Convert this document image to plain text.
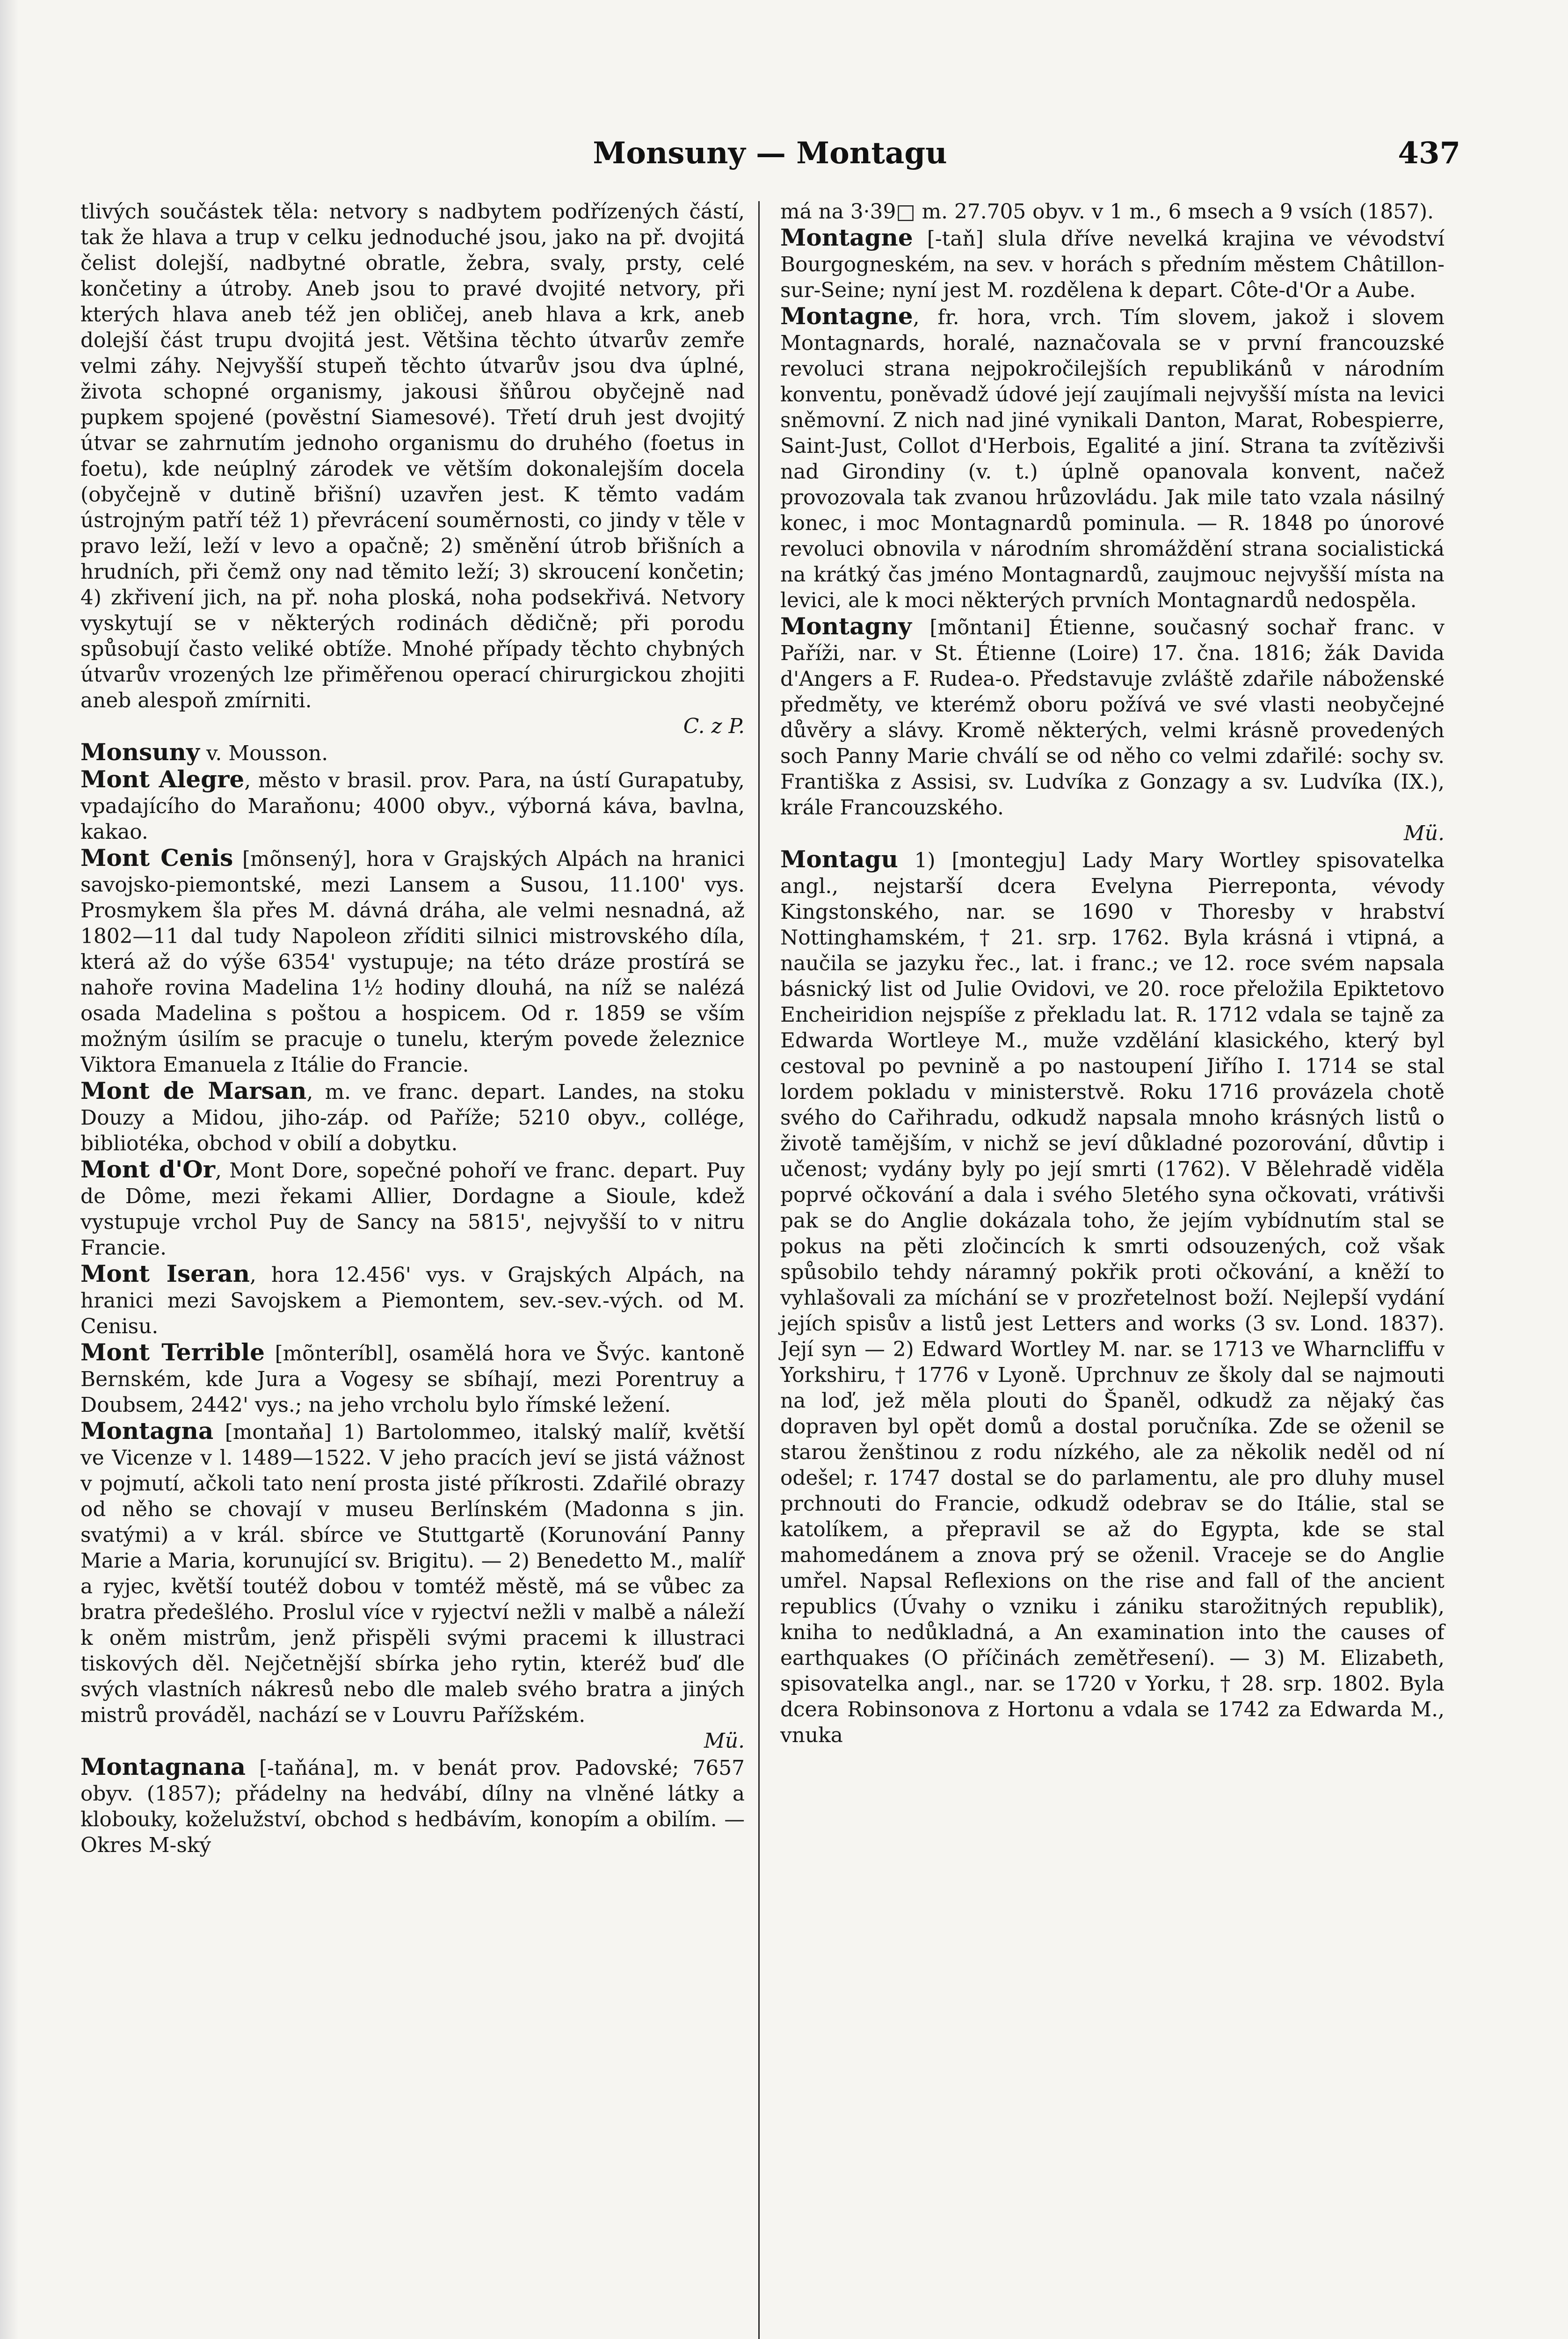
Monsuny — Montagu	437
tlivých součástek těla: netvory s nadbytem podřízených částí, tak že hlava a trup v celku jednoduché jsou, jako na př. dvojitá čelist dolejší, nadbytné obratle, žebra, svaly, prsty, celé končetiny a útroby. Aneb jsou to pravé dvojité netvory, při kterých hlava aneb též jen obličej, aneb hlava a krk, aneb dolejší část trupu dvojitá jest. Většina těchto útvarův zemře velmi záhy. Nejvyšší stupeň těchto útvarův jsou dva úplné, života schopné organismy, jakousi šňůrou obyčejně nad pupkem spojené (pověstní Siamesové). Třetí druh jest dvojitý útvar se zahrnutím jednoho organismu do druhého (foetus in foetu), kde neúplný zárodek ve větším dokonalejším docela (obyčejně v dutině břišní) uzavřen jest. K těmto vadám ústrojným patří též 1) převrácení souměrnosti, co jindy v těle v pravo leží, leží v levo a opačně; 2) směnění útrob břišních a hrudních, při čemž ony nad těmito leží; 3) skroucení končetin; 4) zkřivení jich, na př. noha ploská, noha podsekřivá. Netvory vyskytují se v některých rodinách dědičně; při porodu spůsobují často veliké obtíže. Mnohé případy těchto chybných útvarův vrozených lze přiměřenou operací chirurgickou zhojiti aneb alespoň zmírniti.
C. z P.
Monsuny v. Mousson.
Mont Alegre, město v brasil. prov. Para, na ústí Gurapatuby, vpadajícího do Maraňonu; 4000 obyv., výborná káva, bavlna, kakao.
Mont Cenis [mõnsený], hora v Grajských Alpách na hranici savojsko-piemontské, mezi Lansem a Susou, 11.100' vys. Prosmykem šla přes M. dávná dráha, ale velmi nesnadná, až 1802—11 dal tudy Napoleon zříditi silnici mistrovského díla, která až do výše 6354' vystupuje; na této dráze prostírá se nahoře rovina Madelina 1½ hodiny dlouhá, na níž se nalézá osada Madelina s poštou a hospicem. Od r. 1859 se vším možným úsilím se pracuje o tunelu, kterým povede železnice Viktora Emanuela z Itálie do Francie.
Mont de Marsan, m. ve franc. depart. Landes, na stoku Douzy a Midou, jiho-záp. od Paříže; 5210 obyv., collége, bibliotéka, obchod v obilí a dobytku.
Mont d'Or, Mont Dore, sopečné pohoří ve franc. depart. Puy de Dôme, mezi řekami Allier, Dordagne a Sioule, kdež vystupuje vrchol Puy de Sancy na 5815', nejvyšší to v nitru Francie.
Mont Iseran, hora 12.456' vys. v Grajských Alpách, na hranici mezi Savojskem a Piemontem, sev.-sev.-vých. od M. Cenisu.
Mont Terrible [mõnteríbl], osamělá hora ve Švýc. kantoně Bernském, kde Jura a Vogesy se sbíhají, mezi Porentruy a Doubsem, 2442' vys.; na jeho vrcholu bylo římské ležení.
Montagna [montaňa] 1) Bartolommeo, italský malíř, květší ve Vicenze v l. 1489—1522. V jeho pracích jeví se jistá vážnost v pojmutí, ačkoli tato není prosta jisté příkrosti. Zdařilé obrazy od něho se chovají v museu Berlínském (Madonna s jin. svatými) a v král. sbírce ve Stuttgartě (Korunování Panny Marie a Maria, korunující sv. Brigitu). — 2) Benedetto M., malíř a ryjec, květší toutéž dobou v tomtéž městě, má se vůbec za bratra předešlého. Proslul více v ryjectví nežli v malbě a náleží k oněm mistrům, jenž přispěli svými pracemi k illustraci tiskových děl. Nejčetnější sbírka jeho rytin, kteréž buď dle svých vlastních nákresů nebo dle maleb svého bratra a jiných mistrů prováděl, nachází se v Louvru Pařížském.
Mü.
Montagnana [-taňána], m. v benát prov. Padovské; 7657 obyv. (1857); přádelny na hedvábí, dílny na vlněné látky a klobouky, koželužství, obchod s hedbávím, konopím a obilím. — Okres M-ský
má na 3·39□ m. 27.705 obyv. v 1 m., 6 msech a 9 vsích (1857).
Montagne [-taň] slula dříve nevelká krajina ve vévodství Bourgogneském, na sev. v horách s předním městem Châtillon-sur-Seine; nyní jest M. rozdělena k depart. Côte-d'Or a Aube.
Montagne, fr. hora, vrch. Tím slovem, jakož i slovem Montagnards, horalé, naznačovala se v první francouzské revoluci strana nejpokročilejších republikánů v národním konventu, poněvadž údové její zaujímali nejvyšší místa na levici sněmovní. Z nich nad jiné vynikali Danton, Marat, Robespierre, Saint-Just, Collot d'Herbois, Egalité a jiní. Strana ta zvítězivši nad Girondiny (v. t.) úplně opanovala konvent, načež provozovala tak zvanou hrůzovládu. Jak mile tato vzala násilný konec, i moc Montagnardů pominula. — R. 1848 po únorové revoluci obnovila v národním shromáždění strana socialistická na krátký čas jméno Montagnardů, zaujmouc nejvyšší místa na levici, ale k moci některých prvních Montagnardů nedospěla.
Montagny [mõntani] Étienne, současný sochař franc. v Paříži, nar. v St. Étienne (Loire) 17. čna. 1816; žák Davida d'Angers a F. Rudea-o. Představuje zvláště zdařile náboženské předměty, ve kterémž oboru požívá ve své vlasti neobyčejné důvěry a slávy. Kromě některých, velmi krásně provedených soch Panny Marie chválí se od něho co velmi zdařilé: sochy sv. Františka z Assisi, sv. Ludvíka z Gonzagy a sv. Ludvíka (IX.), krále Francouzského.
Mü.
Montagu 1) [montegju] Lady Mary Wortley spisovatelka angl., nejstarší dcera Evelyna Pierreponta, vévody Kingstonského, nar. se 1690 v Thoresby v hrabství Nottinghamském, † 21. srp. 1762. Byla krásná i vtipná, a naučila se jazyku řec., lat. i franc.; ve 12. roce svém napsala básnický list od Julie Ovidovi, ve 20. roce přeložila Epiktetovo Encheiridion nejspíše z překladu lat. R. 1712 vdala se tajně za Edwarda Wortleye M., muže vzdělání klasického, který byl cestoval po pevnině a po nastoupení Jiřího I. 1714 se stal lordem pokladu v ministerstvě. Roku 1716 provázela chotě svého do Cařihradu, odkudž napsala mnoho krásných listů o životě tamějším, v nichž se jeví důkladné pozorování, důvtip i učenost; vydány byly po její smrti (1762). V Bělehradě viděla poprvé očkování a dala i svého 5letého syna očkovati, vrátivši pak se do Anglie dokázala toho, že jejím vybídnutím stal se pokus na pěti zločincích k smrti odsouzených, což však spůsobilo tehdy náramný pokřik proti očkování, a kněží to vyhlašovali za míchání se v prozřetelnost boží. Nejlepší vydání jejích spisův a listů jest Letters and works (3 sv. Lond. 1837). Její syn — 2) Edward Wortley M. nar. se 1713 ve Wharncliffu v Yorkshiru, † 1776 v Lyoně. Uprchnuv ze školy dal se najmouti na loď, jež měla plouti do Španěl, odkudž za nějaký čas dopraven byl opět domů a dostal poručníka. Zde se oženil se starou ženštinou z rodu nízkého, ale za několik neděl od ní odešel; r. 1747 dostal se do parlamentu, ale pro dluhy musel prchnouti do Francie, odkudž odebrav se do Itálie, stal se katolíkem, a přepravil se až do Egypta, kde se stal mahomedánem a znova prý se oženil. Vraceje se do Anglie umřel. Napsal Reflexions on the rise and fall of the ancient republics (Úvahy o vzniku i zániku starožitných republik), kniha to nedůkladná, a An examination into the causes of earthquakes (O příčinách zemětřesení). — 3) M. Elizabeth, spisovatelka angl., nar. se 1720 v Yorku, † 28. srp. 1802. Byla dcera Robinsonova z Hortonu a vdala se 1742 za Edwarda M., vnuka
